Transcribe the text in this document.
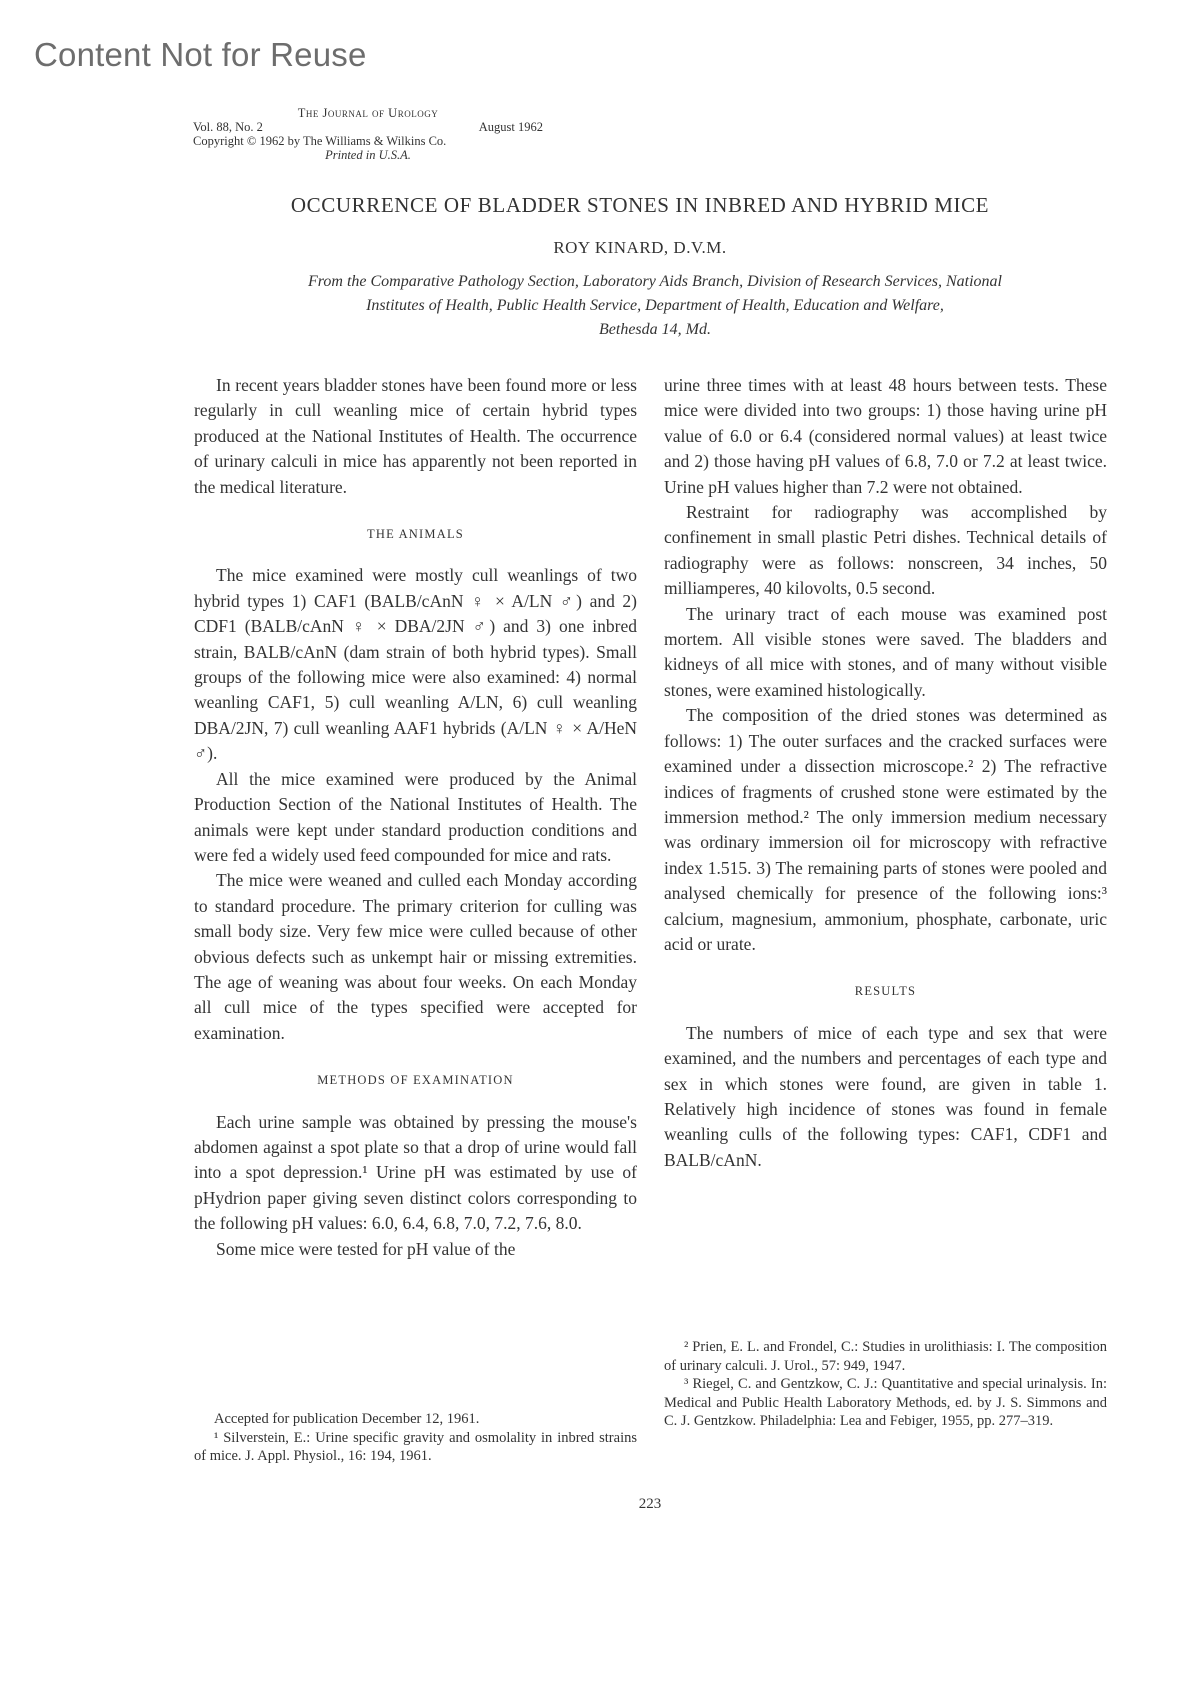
Content Not for Reuse
The Journal of Urology
Vol. 88, No. 2	August 1962
Copyright © 1962 by The Williams & Wilkins Co.
Printed in U.S.A.
OCCURRENCE OF BLADDER STONES IN INBRED AND HYBRID MICE
ROY KINARD, D.V.M.
From the Comparative Pathology Section, Laboratory Aids Branch, Division of Research Services, National
Institutes of Health, Public Health Service, Department of Health, Education and Welfare,
Bethesda 14, Md.

In recent years bladder stones have been found more or less regularly in cull weanling mice of certain hybrid types produced at the National Institutes of Health. The occurrence of urinary calculi in mice has apparently not been reported in the medical literature.

THE ANIMALS

The mice examined were mostly cull weanlings of two hybrid types 1) CAF1 (BALB/cAnN ♀ × A/LN ♂) and 2) CDF1 (BALB/cAnN ♀ × DBA/2JN ♂) and 3) one inbred strain, BALB/cAnN (dam strain of both hybrid types). Small groups of the following mice were also examined: 4) normal weanling CAF1, 5) cull weanling A/LN, 6) cull weanling DBA/2JN, 7) cull weanling AAF1 hybrids (A/LN ♀ × A/HeN ♂).

All the mice examined were produced by the Animal Production Section of the National Institutes of Health. The animals were kept under standard production conditions and were fed a widely used feed compounded for mice and rats.

The mice were weaned and culled each Monday according to standard procedure. The primary criterion for culling was small body size. Very few mice were culled because of other obvious defects such as unkempt hair or missing extremities. The age of weaning was about four weeks. On each Monday all cull mice of the types specified were accepted for examination.

METHODS OF EXAMINATION

Each urine sample was obtained by pressing the mouse's abdomen against a spot plate so that a drop of urine would fall into a spot depression.¹ Urine pH was estimated by use of pHydrion paper giving seven distinct colors corresponding to the following pH values: 6.0, 6.4, 6.8, 7.0, 7.2, 7.6, 8.0.

Some mice were tested for pH value of the

urine three times with at least 48 hours between tests. These mice were divided into two groups: 1) those having urine pH value of 6.0 or 6.4 (considered normal values) at least twice and 2) those having pH values of 6.8, 7.0 or 7.2 at least twice. Urine pH values higher than 7.2 were not obtained.

Restraint for radiography was accomplished by confinement in small plastic Petri dishes. Technical details of radiography were as follows: nonscreen, 34 inches, 50 milliamperes, 40 kilovolts, 0.5 second.

The urinary tract of each mouse was examined post mortem. All visible stones were saved. The bladders and kidneys of all mice with stones, and of many without visible stones, were examined histologically.

The composition of the dried stones was determined as follows: 1) The outer surfaces and the cracked surfaces were examined under a dissection microscope.² 2) The refractive indices of fragments of crushed stone were estimated by the immersion method.² The only immersion medium necessary was ordinary immersion oil for microscopy with refractive index 1.515. 3) The remaining parts of stones were pooled and analysed chemically for presence of the following ions:³ calcium, magnesium, ammonium, phosphate, carbonate, uric acid or urate.

RESULTS

The numbers of mice of each type and sex that were examined, and the numbers and percentages of each type and sex in which stones were found, are given in table 1. Relatively high incidence of stones was found in female weanling culls of the following types: CAF1, CDF1 and BALB/cAnN.

Accepted for publication December 12, 1961.

¹ Silverstein, E.: Urine specific gravity and osmolality in inbred strains of mice. J. Appl. Physiol., 16: 194, 1961.

² Prien, E. L. and Frondel, C.: Studies in urolithiasis: I. The composition of urinary calculi. J. Urol., 57: 949, 1947.

³ Riegel, C. and Gentzkow, C. J.: Quantitative and special urinalysis. In: Medical and Public Health Laboratory Methods, ed. by J. S. Simmons and C. J. Gentzkow. Philadelphia: Lea and Febiger, 1955, pp. 277–319.

223
